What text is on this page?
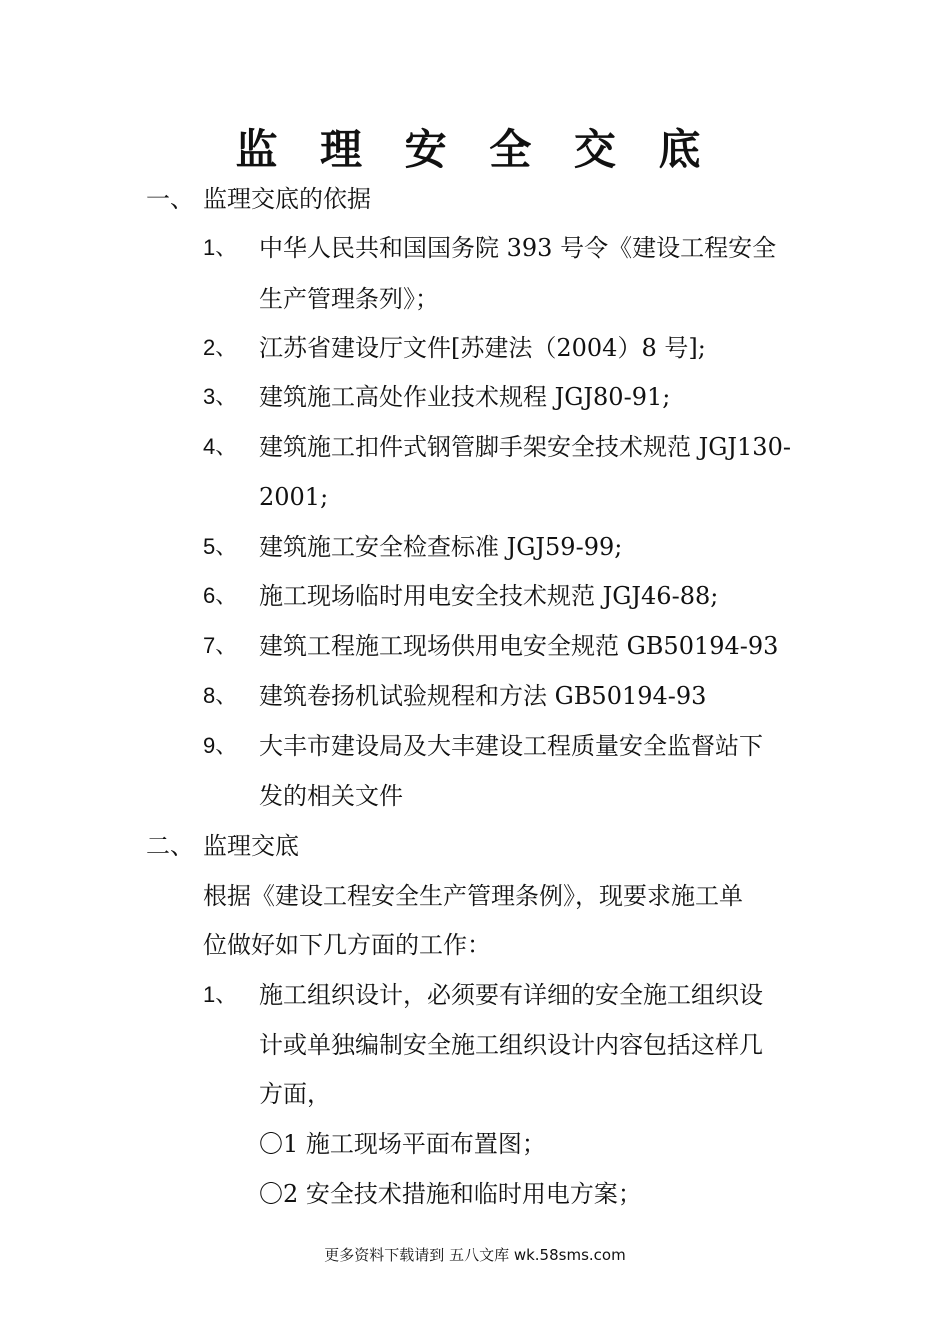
监 理 安 全 交 底
一、 监理交底的依据
1、 中华人民共和国国务院 393 号令《建设工程安全
生产管理条列》；
2、 江苏省建设厅文件[苏建法（2004）8 号];
3、 建筑施工高处作业技术规程 JGJ80-91;
4、 建筑施工扣件式钢管脚手架安全技术规范 JGJ130-
2001;
5、 建筑施工安全检查标准 JGJ59-99;
6、 施工现场临时用电安全技术规范 JGJ46-88;
7、 建筑工程施工现场供用电安全规范 GB50194-93
8、 建筑卷扬机试验规程和方法 GB50194-93
9、 大丰市建设局及大丰建设工程质量安全监督站下
发的相关文件
二、 监理交底
根据《建设工程安全生产管理条例》，现要求施工单
位做好如下几方面的工作：
1、 施工组织设计，必须要有详细的安全施工组织设
计或单独编制安全施工组织设计内容包括这样几
方面，
〇1 施工现场平面布置图；
〇2 安全技术措施和临时用电方案；
更多资料下载请到 五八文库 wk.58sms.com
